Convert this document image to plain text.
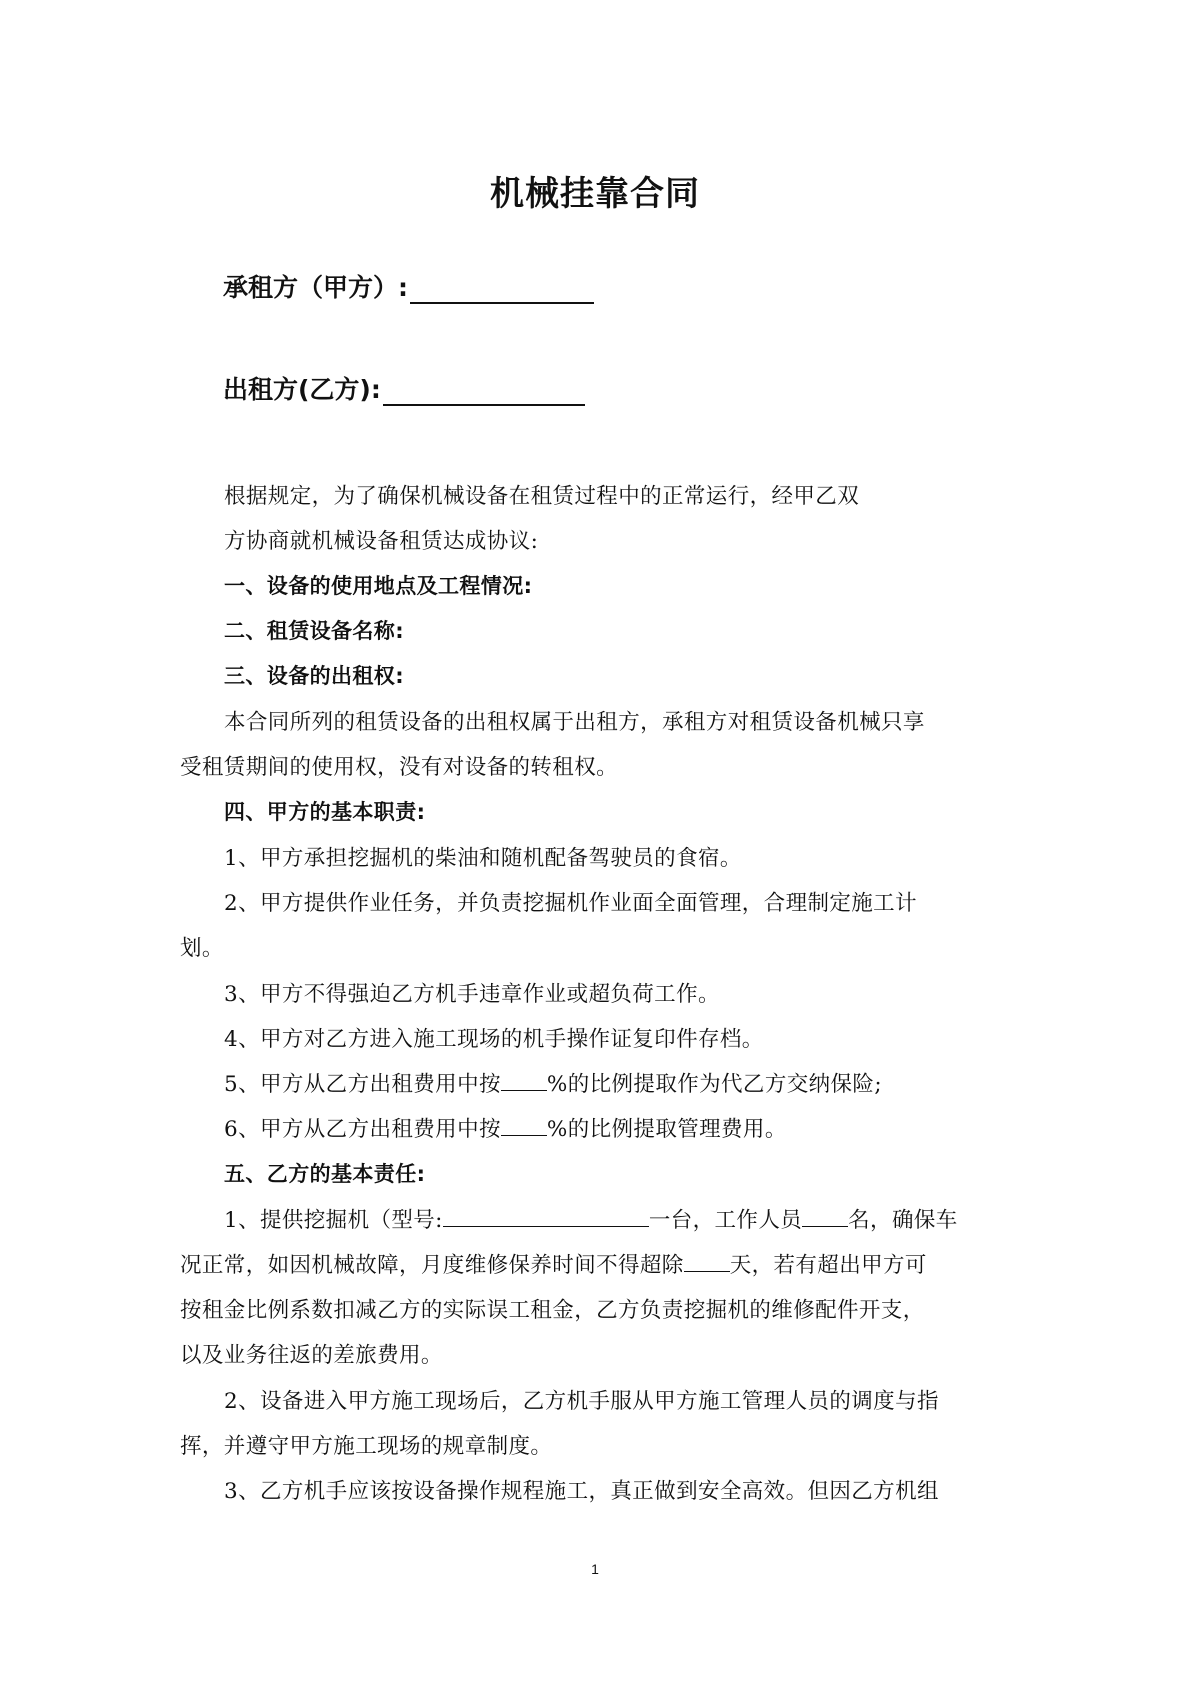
机械挂靠合同
承租方（甲方）:
出租方(乙方):
根据规定，为了确保机械设备在租赁过程中的正常运行，经甲乙双
方协商就机械设备租赁达成协议:
一、设备的使用地点及工程情况:
二、租赁设备名称:
三、设备的出租权:
本合同所列的租赁设备的出租权属于出租方，承租方对租赁设备机械只享
受租赁期间的使用权，没有对设备的转租权。
四、甲方的基本职责:
1、甲方承担挖掘机的柴油和随机配备驾驶员的食宿。
2、甲方提供作业任务，并负责挖掘机作业面全面管理，合理制定施工计
划。
3、甲方不得强迫乙方机手违章作业或超负荷工作。
4、甲方对乙方进入施工现场的机手操作证复印件存档。
5、甲方从乙方出租费用中按 %的比例提取作为代乙方交纳保险;
6、甲方从乙方出租费用中按 %的比例提取管理费用。
五、乙方的基本责任:
1、提供挖掘机（型号:	一台，工作人员 名，确保车
况正常，如因机械故障，月度维修保养时间不得超除 天，若有超出甲方可
按租金比例系数扣减乙方的实际误工租金，乙方负责挖掘机的维修配件开支，
以及业务往返的差旅费用。
2、设备进入甲方施工现场后，乙方机手服从甲方施工管理人员的调度与指
挥，并遵守甲方施工现场的规章制度。
3、乙方机手应该按设备操作规程施工，真正做到安全高效。但因乙方机组
1
